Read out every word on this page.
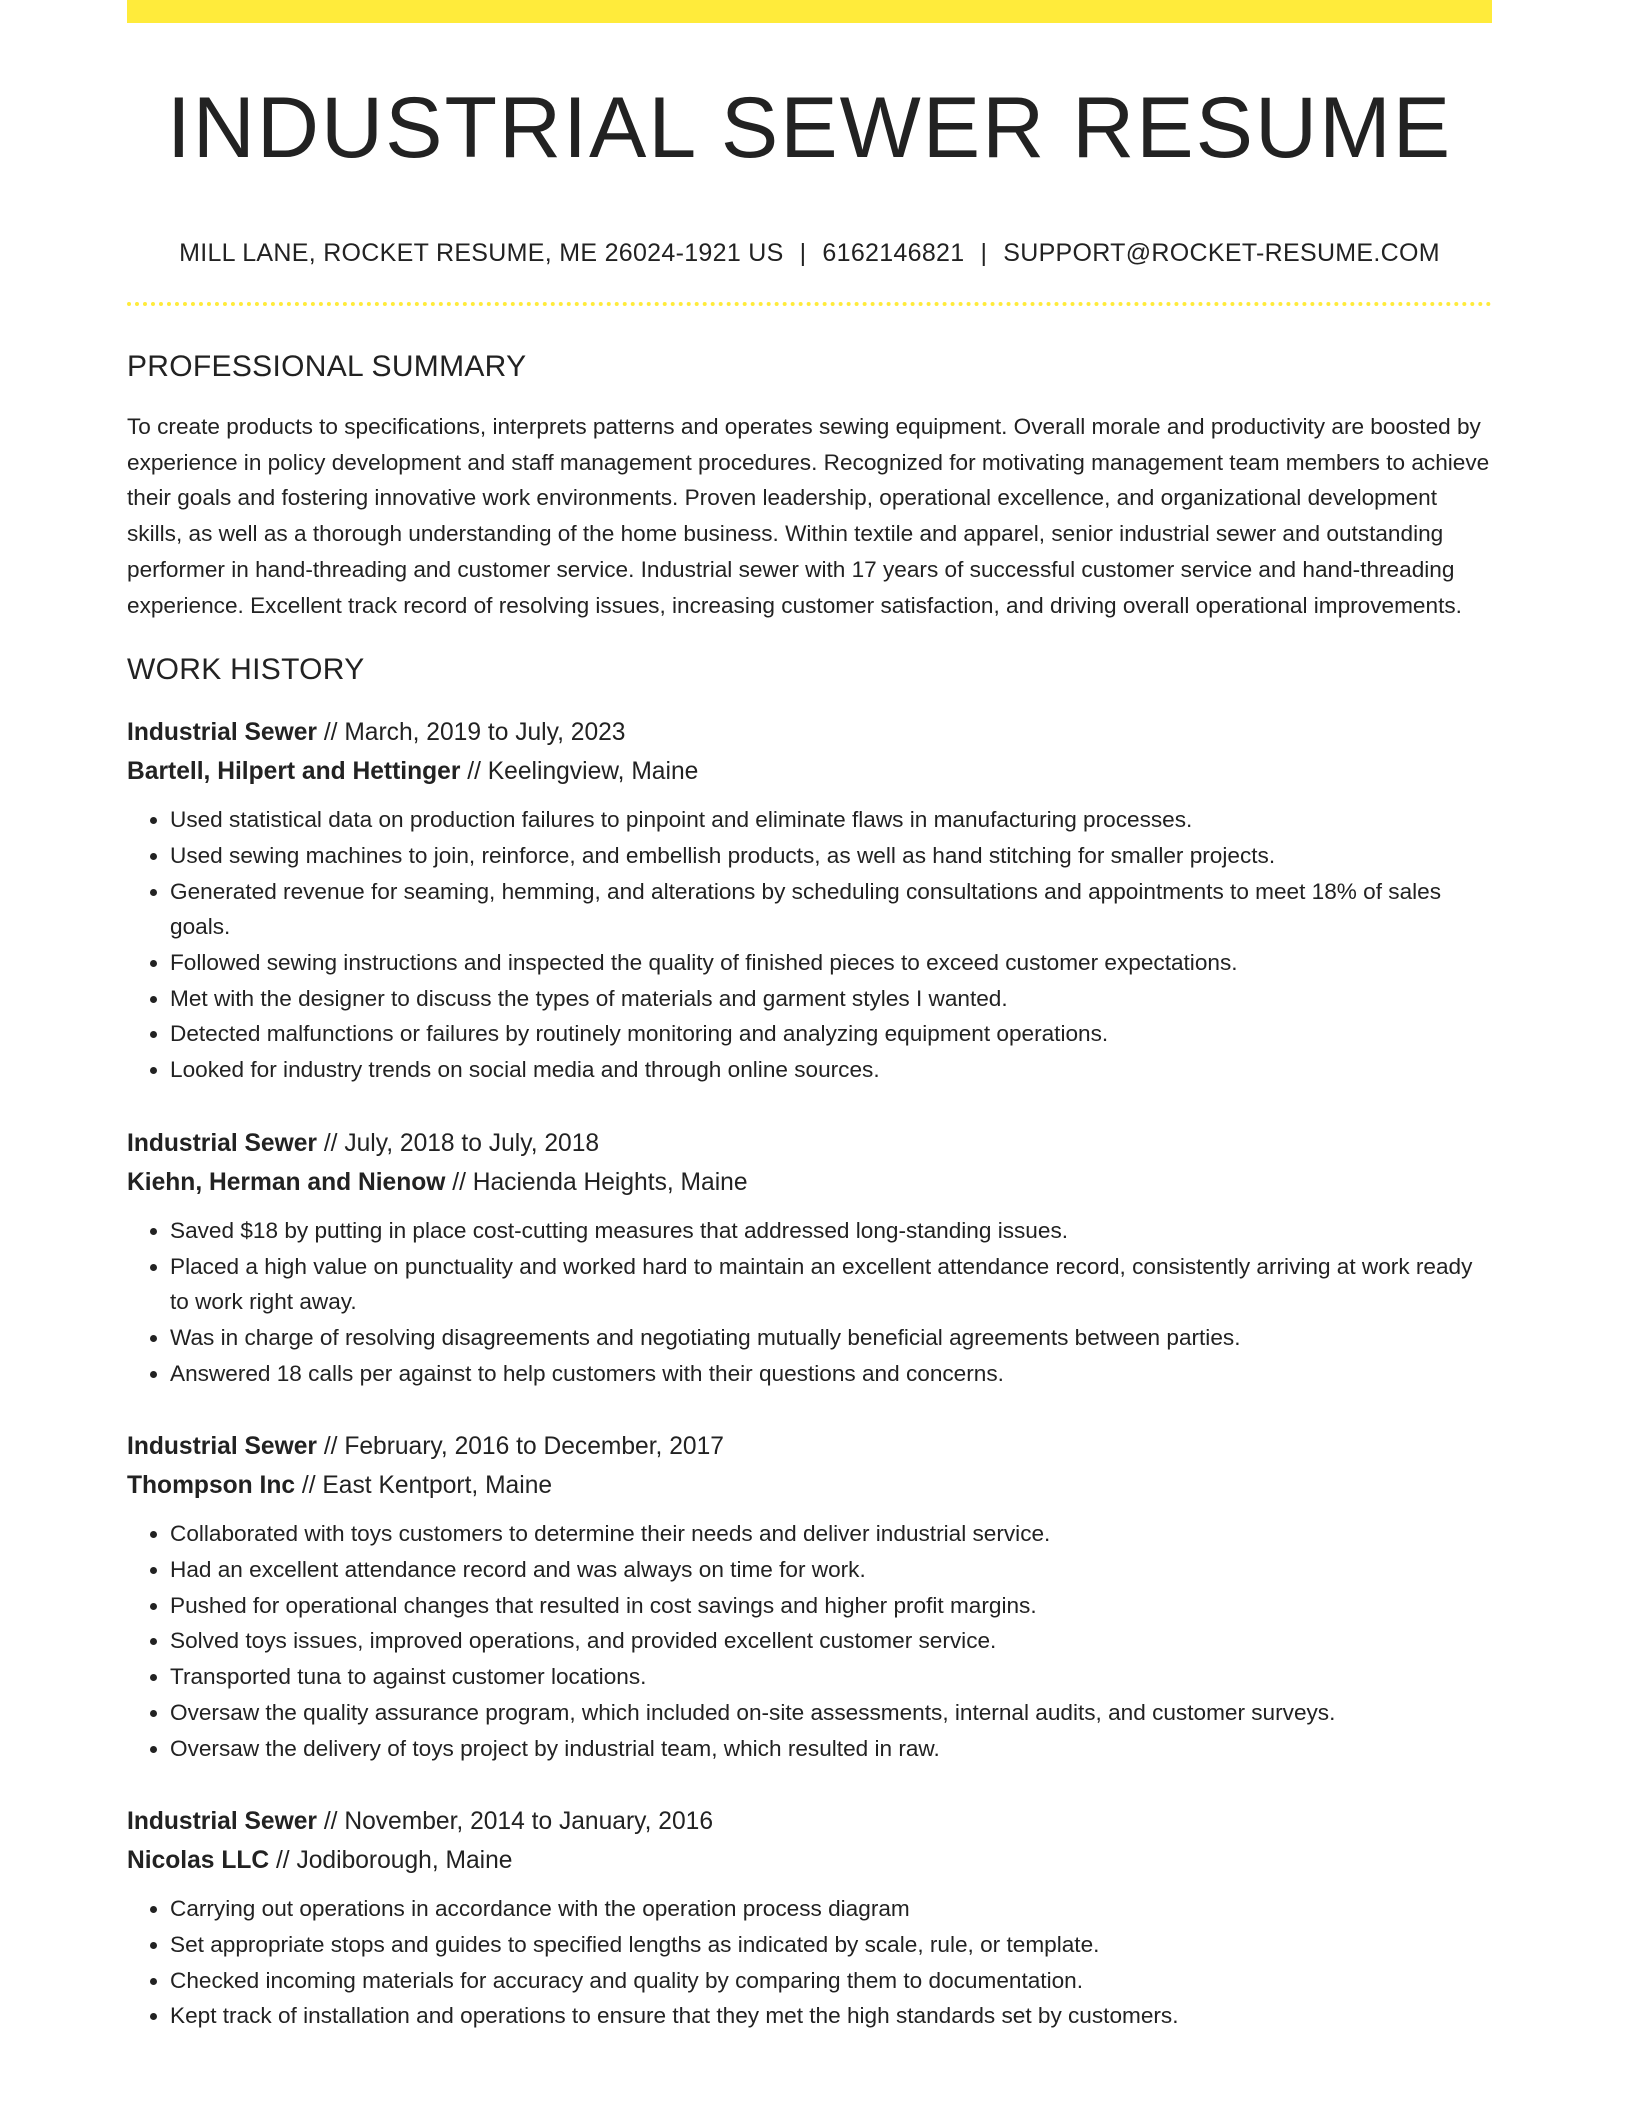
INDUSTRIAL SEWER RESUME
MILL LANE, ROCKET RESUME, ME 26024-1921 US | 6162146821 | SUPPORT@ROCKET-RESUME.COM
PROFESSIONAL SUMMARY
To create products to specifications, interprets patterns and operates sewing equipment. Overall morale and productivity are boosted by experience in policy development and staff management procedures. Recognized for motivating management team members to achieve their goals and fostering innovative work environments. Proven leadership, operational excellence, and organizational development skills, as well as a thorough understanding of the home business. Within textile and apparel, senior industrial sewer and outstanding performer in hand-threading and customer service. Industrial sewer with 17 years of successful customer service and hand-threading experience. Excellent track record of resolving issues, increasing customer satisfaction, and driving overall operational improvements.
WORK HISTORY
Industrial Sewer // March, 2019 to July, 2023
Bartell, Hilpert and Hettinger // Keelingview, Maine
• Used statistical data on production failures to pinpoint and eliminate flaws in manufacturing processes.
• Used sewing machines to join, reinforce, and embellish products, as well as hand stitching for smaller projects.
• Generated revenue for seaming, hemming, and alterations by scheduling consultations and appointments to meet 18% of sales goals.
• Followed sewing instructions and inspected the quality of finished pieces to exceed customer expectations.
• Met with the designer to discuss the types of materials and garment styles I wanted.
• Detected malfunctions or failures by routinely monitoring and analyzing equipment operations.
• Looked for industry trends on social media and through online sources.
Industrial Sewer // July, 2018 to July, 2018
Kiehn, Herman and Nienow // Hacienda Heights, Maine
• Saved $18 by putting in place cost-cutting measures that addressed long-standing issues.
• Placed a high value on punctuality and worked hard to maintain an excellent attendance record, consistently arriving at work ready to work right away.
• Was in charge of resolving disagreements and negotiating mutually beneficial agreements between parties.
• Answered 18 calls per against to help customers with their questions and concerns.
Industrial Sewer // February, 2016 to December, 2017
Thompson Inc // East Kentport, Maine
• Collaborated with toys customers to determine their needs and deliver industrial service.
• Had an excellent attendance record and was always on time for work.
• Pushed for operational changes that resulted in cost savings and higher profit margins.
• Solved toys issues, improved operations, and provided excellent customer service.
• Transported tuna to against customer locations.
• Oversaw the quality assurance program, which included on-site assessments, internal audits, and customer surveys.
• Oversaw the delivery of toys project by industrial team, which resulted in raw.
Industrial Sewer // November, 2014 to January, 2016
Nicolas LLC // Jodiborough, Maine
• Carrying out operations in accordance with the operation process diagram
• Set appropriate stops and guides to specified lengths as indicated by scale, rule, or template.
• Checked incoming materials for accuracy and quality by comparing them to documentation.
• Kept track of installation and operations to ensure that they met the high standards set by customers.
